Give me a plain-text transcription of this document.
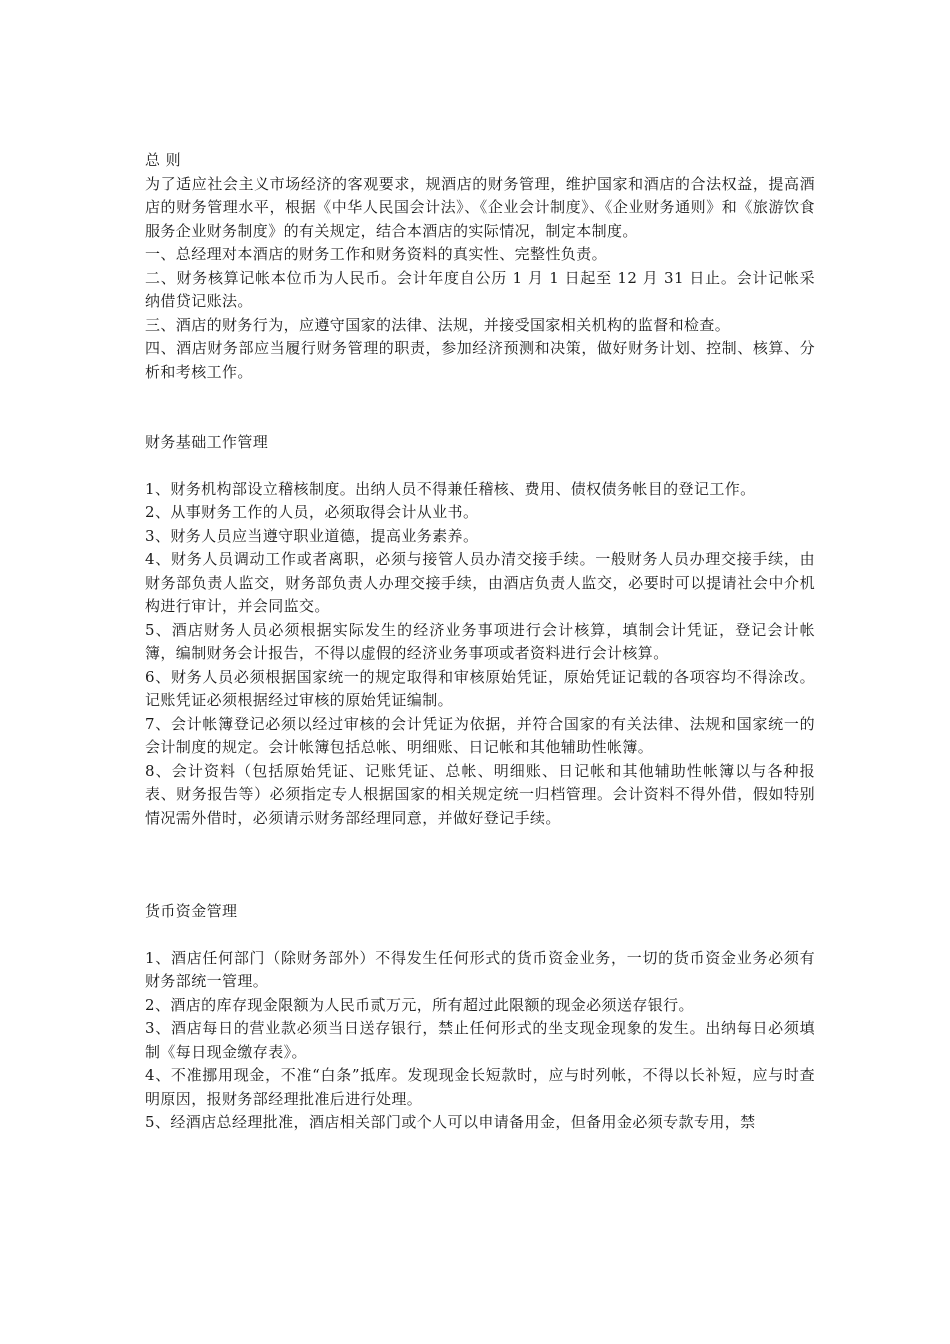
总 则

为了适应社会主义市场经济的客观要求，规酒店的财务管理，维护国家和酒店的合法权益，提高酒店的财务管理水平，根据《中华人民国会计法》、《企业会计制度》、《企业财务通则》和《旅游饮食服务企业财务制度》的有关规定，结合本酒店的实际情况，制定本制度。

一、总经理对本酒店的财务工作和财务资料的真实性、完整性负责。

二、财务核算记帐本位币为人民币。会计年度自公历 1 月 1 日起至 12 月 31 日止。会计记帐采纳借贷记账法。

三、酒店的财务行为，应遵守国家的法律、法规，并接受国家相关机构的监督和检查。

四、酒店财务部应当履行财务管理的职责，参加经济预测和决策，做好财务计划、控制、核算、分析和考核工作。

财务基础工作管理

1、财务机构部设立稽核制度。出纳人员不得兼任稽核、费用、债权债务帐目的登记工作。

2、从事财务工作的人员，必须取得会计从业书。

3、财务人员应当遵守职业道德，提高业务素养。

4、财务人员调动工作或者离职，必须与接管人员办清交接手续。一般财务人员办理交接手续，由财务部负责人监交，财务部负责人办理交接手续，由酒店负责人监交，必要时可以提请社会中介机构进行审计，并会同监交。

5、酒店财务人员必须根据实际发生的经济业务事项进行会计核算，填制会计凭证，登记会计帐簿，编制财务会计报告，不得以虚假的经济业务事项或者资料进行会计核算。

6、财务人员必须根据国家统一的规定取得和审核原始凭证，原始凭证记载的各项容均不得涂改。记账凭证必须根据经过审核的原始凭证编制。

7、会计帐簿登记必须以经过审核的会计凭证为依据，并符合国家的有关法律、法规和国家统一的会计制度的规定。会计帐簿包括总帐、明细账、日记帐和其他辅助性帐簿。

8、会计资料（包括原始凭证、记账凭证、总帐、明细账、日记帐和其他辅助性帐簿以与各种报表、财务报告等）必须指定专人根据国家的相关规定统一归档管理。会计资料不得外借，假如特别情况需外借时，必须请示财务部经理同意，并做好登记手续。

货币资金管理

1、酒店任何部门（除财务部外）不得发生任何形式的货币资金业务，一切的货币资金业务必须有财务部统一管理。

2、酒店的库存现金限额为人民币贰万元，所有超过此限额的现金必须送存银行。

3、酒店每日的营业款必须当日送存银行，禁止任何形式的坐支现金现象的发生。出纳每日必须填制《每日现金缴存表》。

4、不准挪用现金，不准“白条”抵库。发现现金长短款时，应与时列帐，不得以长补短，应与时查明原因，报财务部经理批准后进行处理。

5、经酒店总经理批准，酒店相关部门或个人可以申请备用金，但备用金必须专款专用，禁
